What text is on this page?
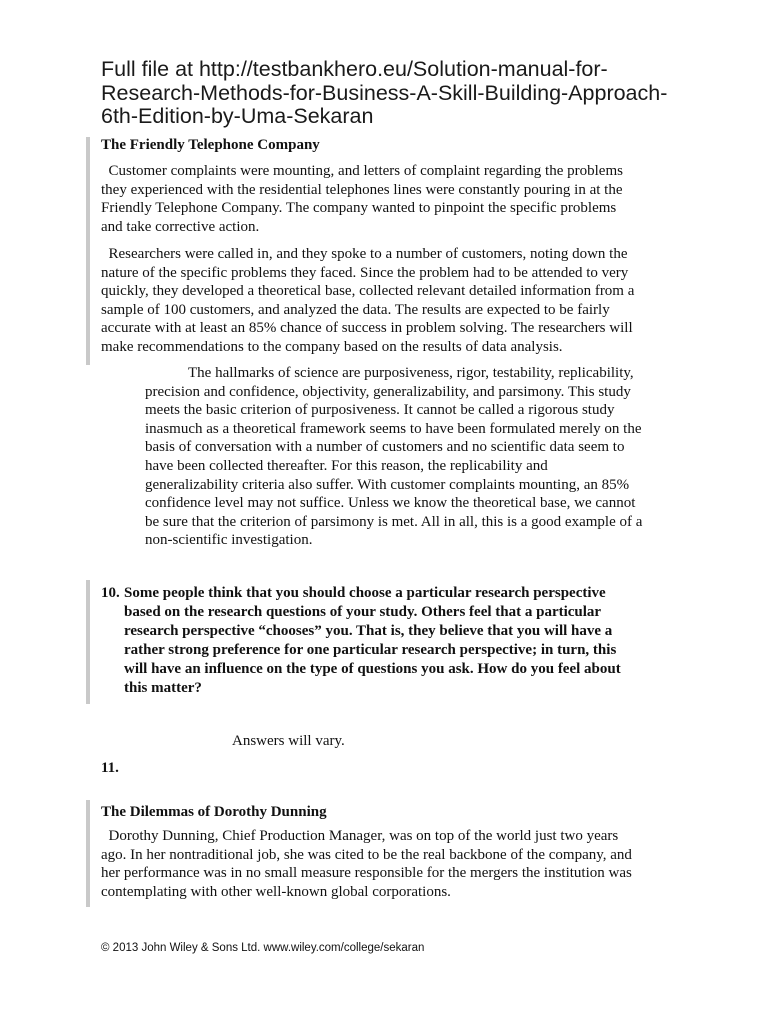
Full file at http://testbankhero.eu/Solution-manual-for-
Research-Methods-for-Business-A-Skill-Building-Approach-
6th-Edition-by-Uma-Sekaran
The Friendly Telephone Company
Customer complaints were mounting, and letters of complaint regarding the problems
they experienced with the residential telephones lines were constantly pouring in at the
Friendly Telephone Company. The company wanted to pinpoint the specific problems
and take corrective action.
Researchers were called in, and they spoke to a number of customers, noting down the
nature of the specific problems they faced. Since the problem had to be attended to very
quickly, they developed a theoretical base, collected relevant detailed information from a
sample of 100 customers, and analyzed the data. The results are expected to be fairly
accurate with at least an 85% chance of success in problem solving. The researchers will
make recommendations to the company based on the results of data analysis.
The hallmarks of science are purposiveness, rigor, testability, replicability,
precision and confidence, objectivity, generalizability, and parsimony. This study
meets the basic criterion of purposiveness. It cannot be called a rigorous study
inasmuch as a theoretical framework seems to have been formulated merely on the
basis of conversation with a number of customers and no scientific data seem to
have been collected thereafter. For this reason, the replicability and
generalizability criteria also suffer. With customer complaints mounting, an 85%
confidence level may not suffice. Unless we know the theoretical base, we cannot
be sure that the criterion of parsimony is met. All in all, this is a good example of a
non-scientific investigation.
10. Some people think that you should choose a particular research perspective
based on the research questions of your study. Others feel that a particular
research perspective “chooses” you. That is, they believe that you will have a
rather strong preference for one particular research perspective; in turn, this
will have an influence on the type of questions you ask. How do you feel about
this matter?
Answers will vary.
11.
The Dilemmas of Dorothy Dunning
Dorothy Dunning, Chief Production Manager, was on top of the world just two years
ago. In her nontraditional job, she was cited to be the real backbone of the company, and
her performance was in no small measure responsible for the mergers the institution was
contemplating with other well-known global corporations.
© 2013 John Wiley & Sons Ltd. www.wiley.com/college/sekaran
